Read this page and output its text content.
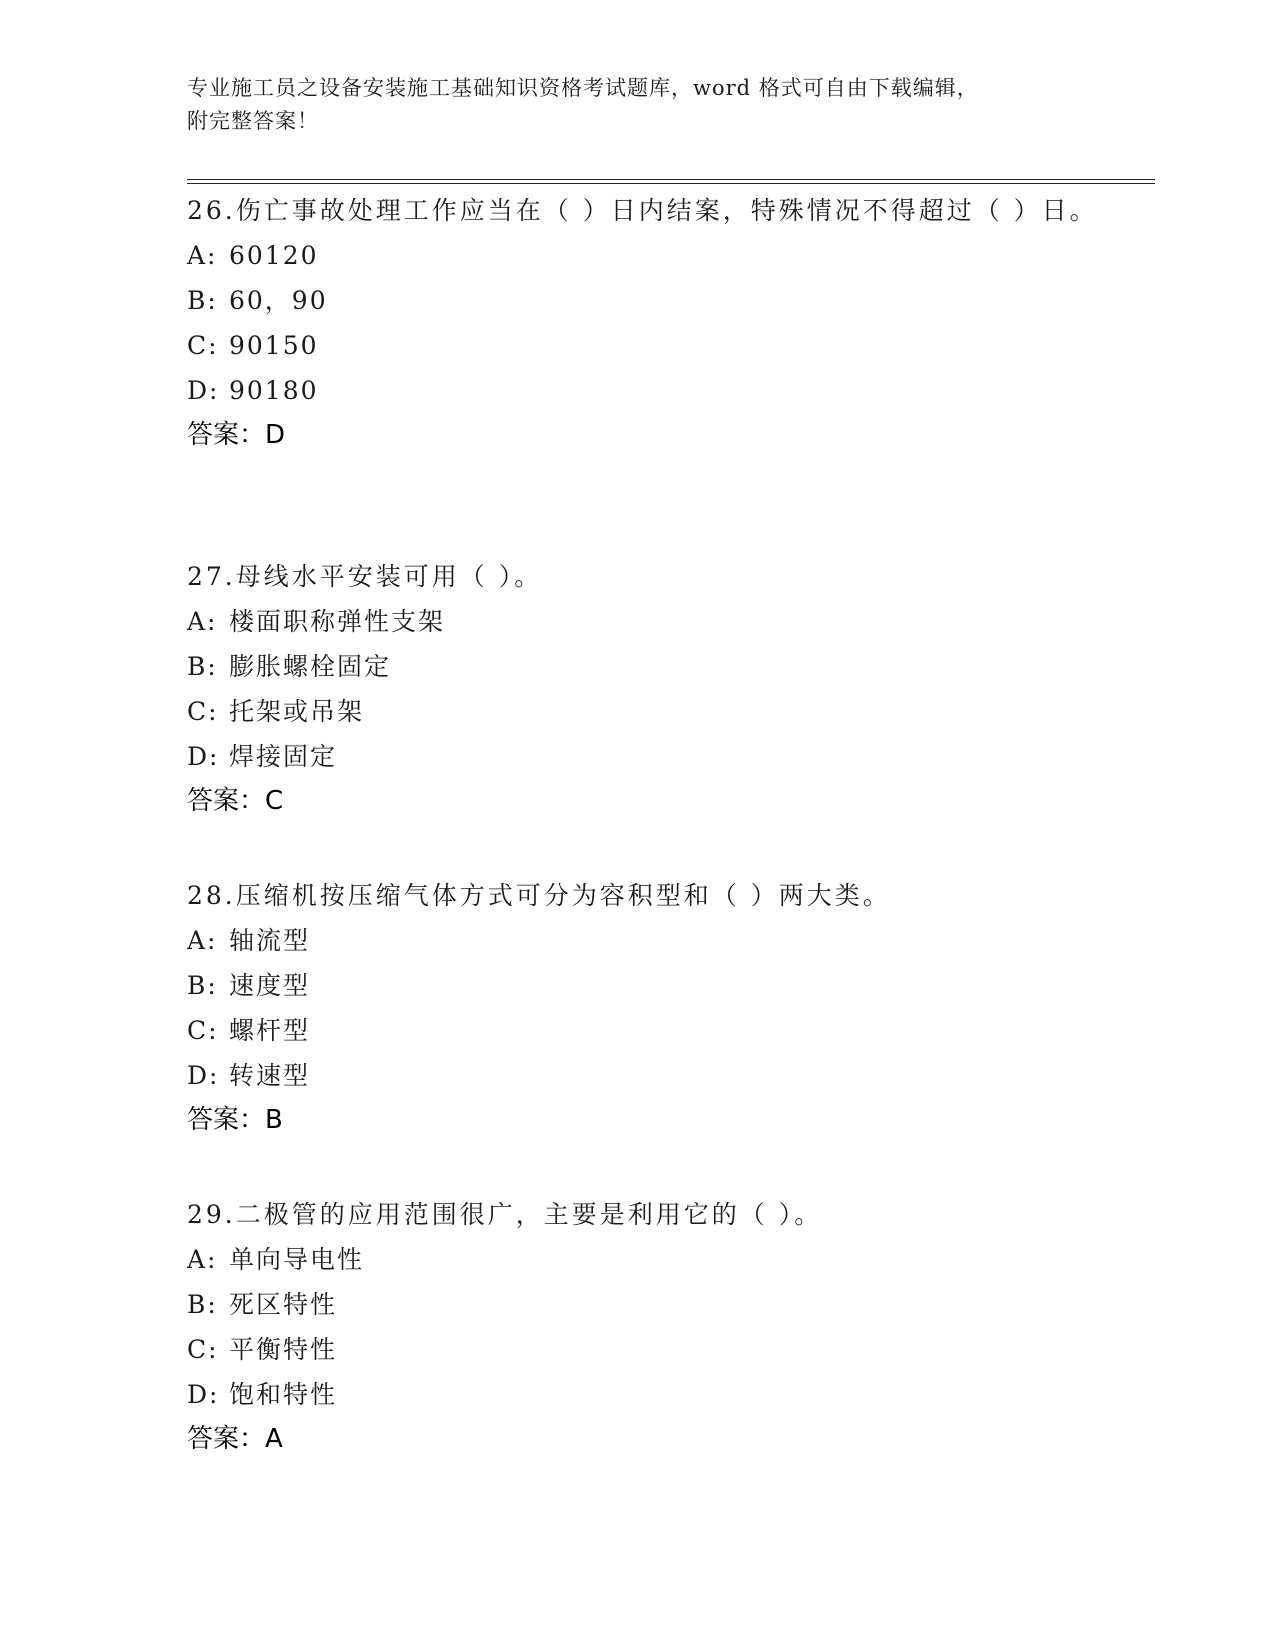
专业施工员之设备安装施工基础知识资格考试题库，word 格式可自由下载编辑，
附完整答案！
26.伤亡事故处理工作应当在（ ）日内结案，特殊情况不得超过（ ）日。
A: 60120
B: 60，90
C: 90150
D: 90180
答案：D
27.母线水平安装可用（ ）。
A: 楼面职称弹性支架
B: 膨胀螺栓固定
C: 托架或吊架
D: 焊接固定
答案：C
28.压缩机按压缩气体方式可分为容积型和（ ）两大类。
A: 轴流型
B: 速度型
C: 螺杆型
D: 转速型
答案：B
29.二极管的应用范围很广，主要是利用它的（ ）。
A: 单向导电性
B: 死区特性
C: 平衡特性
D: 饱和特性
答案：A
